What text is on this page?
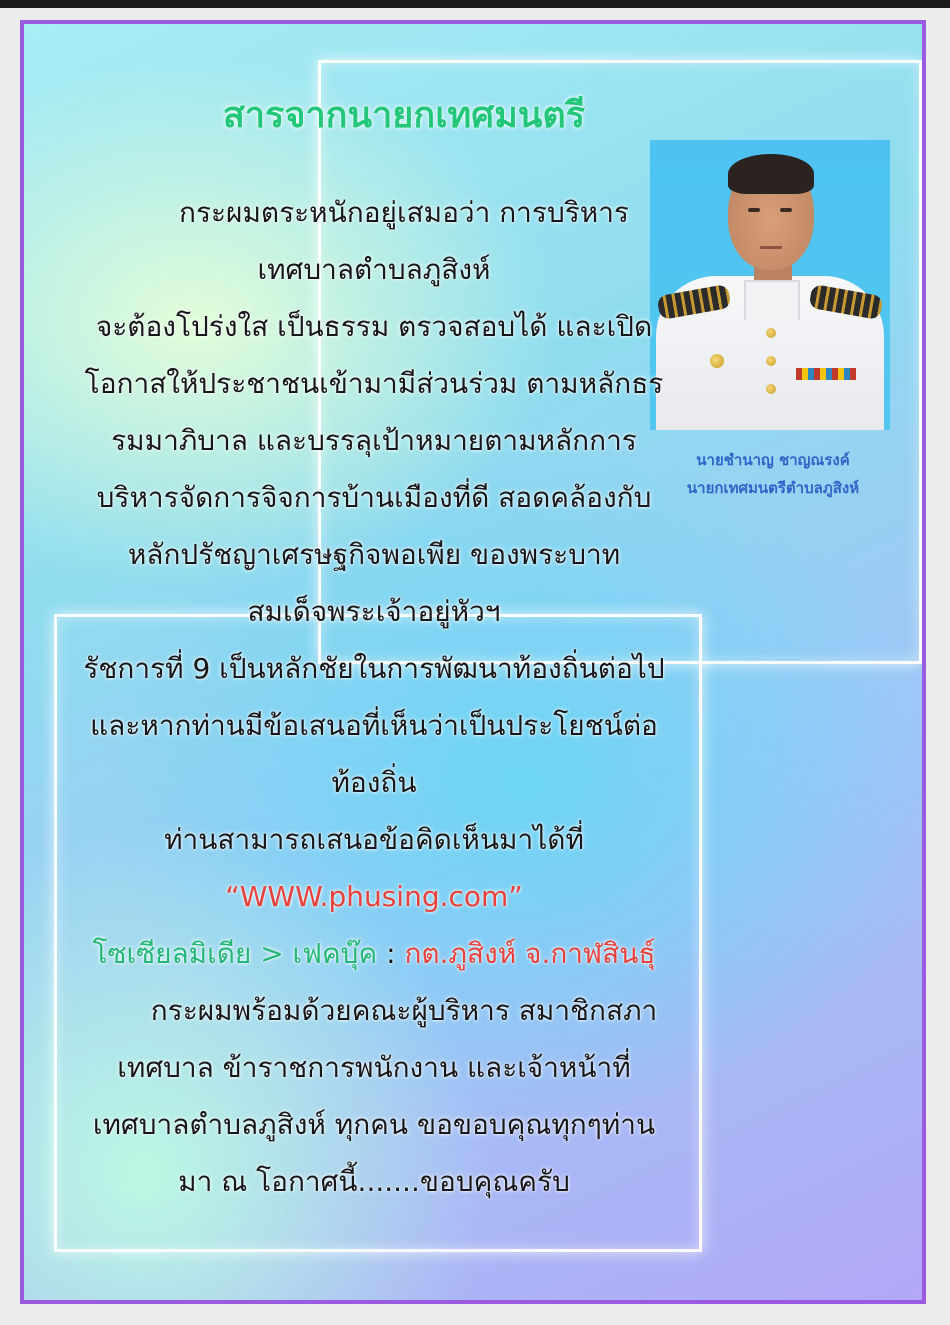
สารจากนายกเทศมนตรี

นายชำนาญ ชาญณรงค์

นายกเทศมนตรีตำบลภูสิงห์

กระผมตระหนักอยู่เสมอว่า การบริหาร
เทศบาลตำบลภูสิงห์
จะต้องโปร่งใส เป็นธรรม ตรวจสอบได้ และเปิด
โอกาสให้ประชาชนเข้ามามีส่วนร่วม ตามหลักธร
รมมาภิบาล และบรรลุเป้าหมายตามหลักการ
บริหารจัดการจิจการบ้านเมืองที่ดี สอดคล้องกับ
หลักปรัชญาเศรษฐกิจพอเพีย ของพระบาท
สมเด็จพระเจ้าอยู่หัวฯ
รัชการที่ 9 เป็นหลักชัยในการพัฒนาท้องถิ่นต่อไป
และหากท่านมีข้อเสนอที่เห็นว่าเป็นประโยชน์ต่อ
ท้องถิ่น
ท่านสามารถเสนอข้อคิดเห็นมาได้ที่
“WWW.phusing.com”
โซเซียลมิเดีย > เฟคบุ๊ค : กต.ภูสิงห์ จ.กาฬสินธุ์
กระผมพร้อมด้วยคณะผู้บริหาร สมาชิกสภา
เทศบาล ข้าราชการพนักงาน และเจ้าหน้าที่
เทศบาลตำบลภูสิงห์ ทุกคน ขอขอบคุณทุกๆท่าน
มา ณ โอกาศนี้.......ขอบคุณครับ
